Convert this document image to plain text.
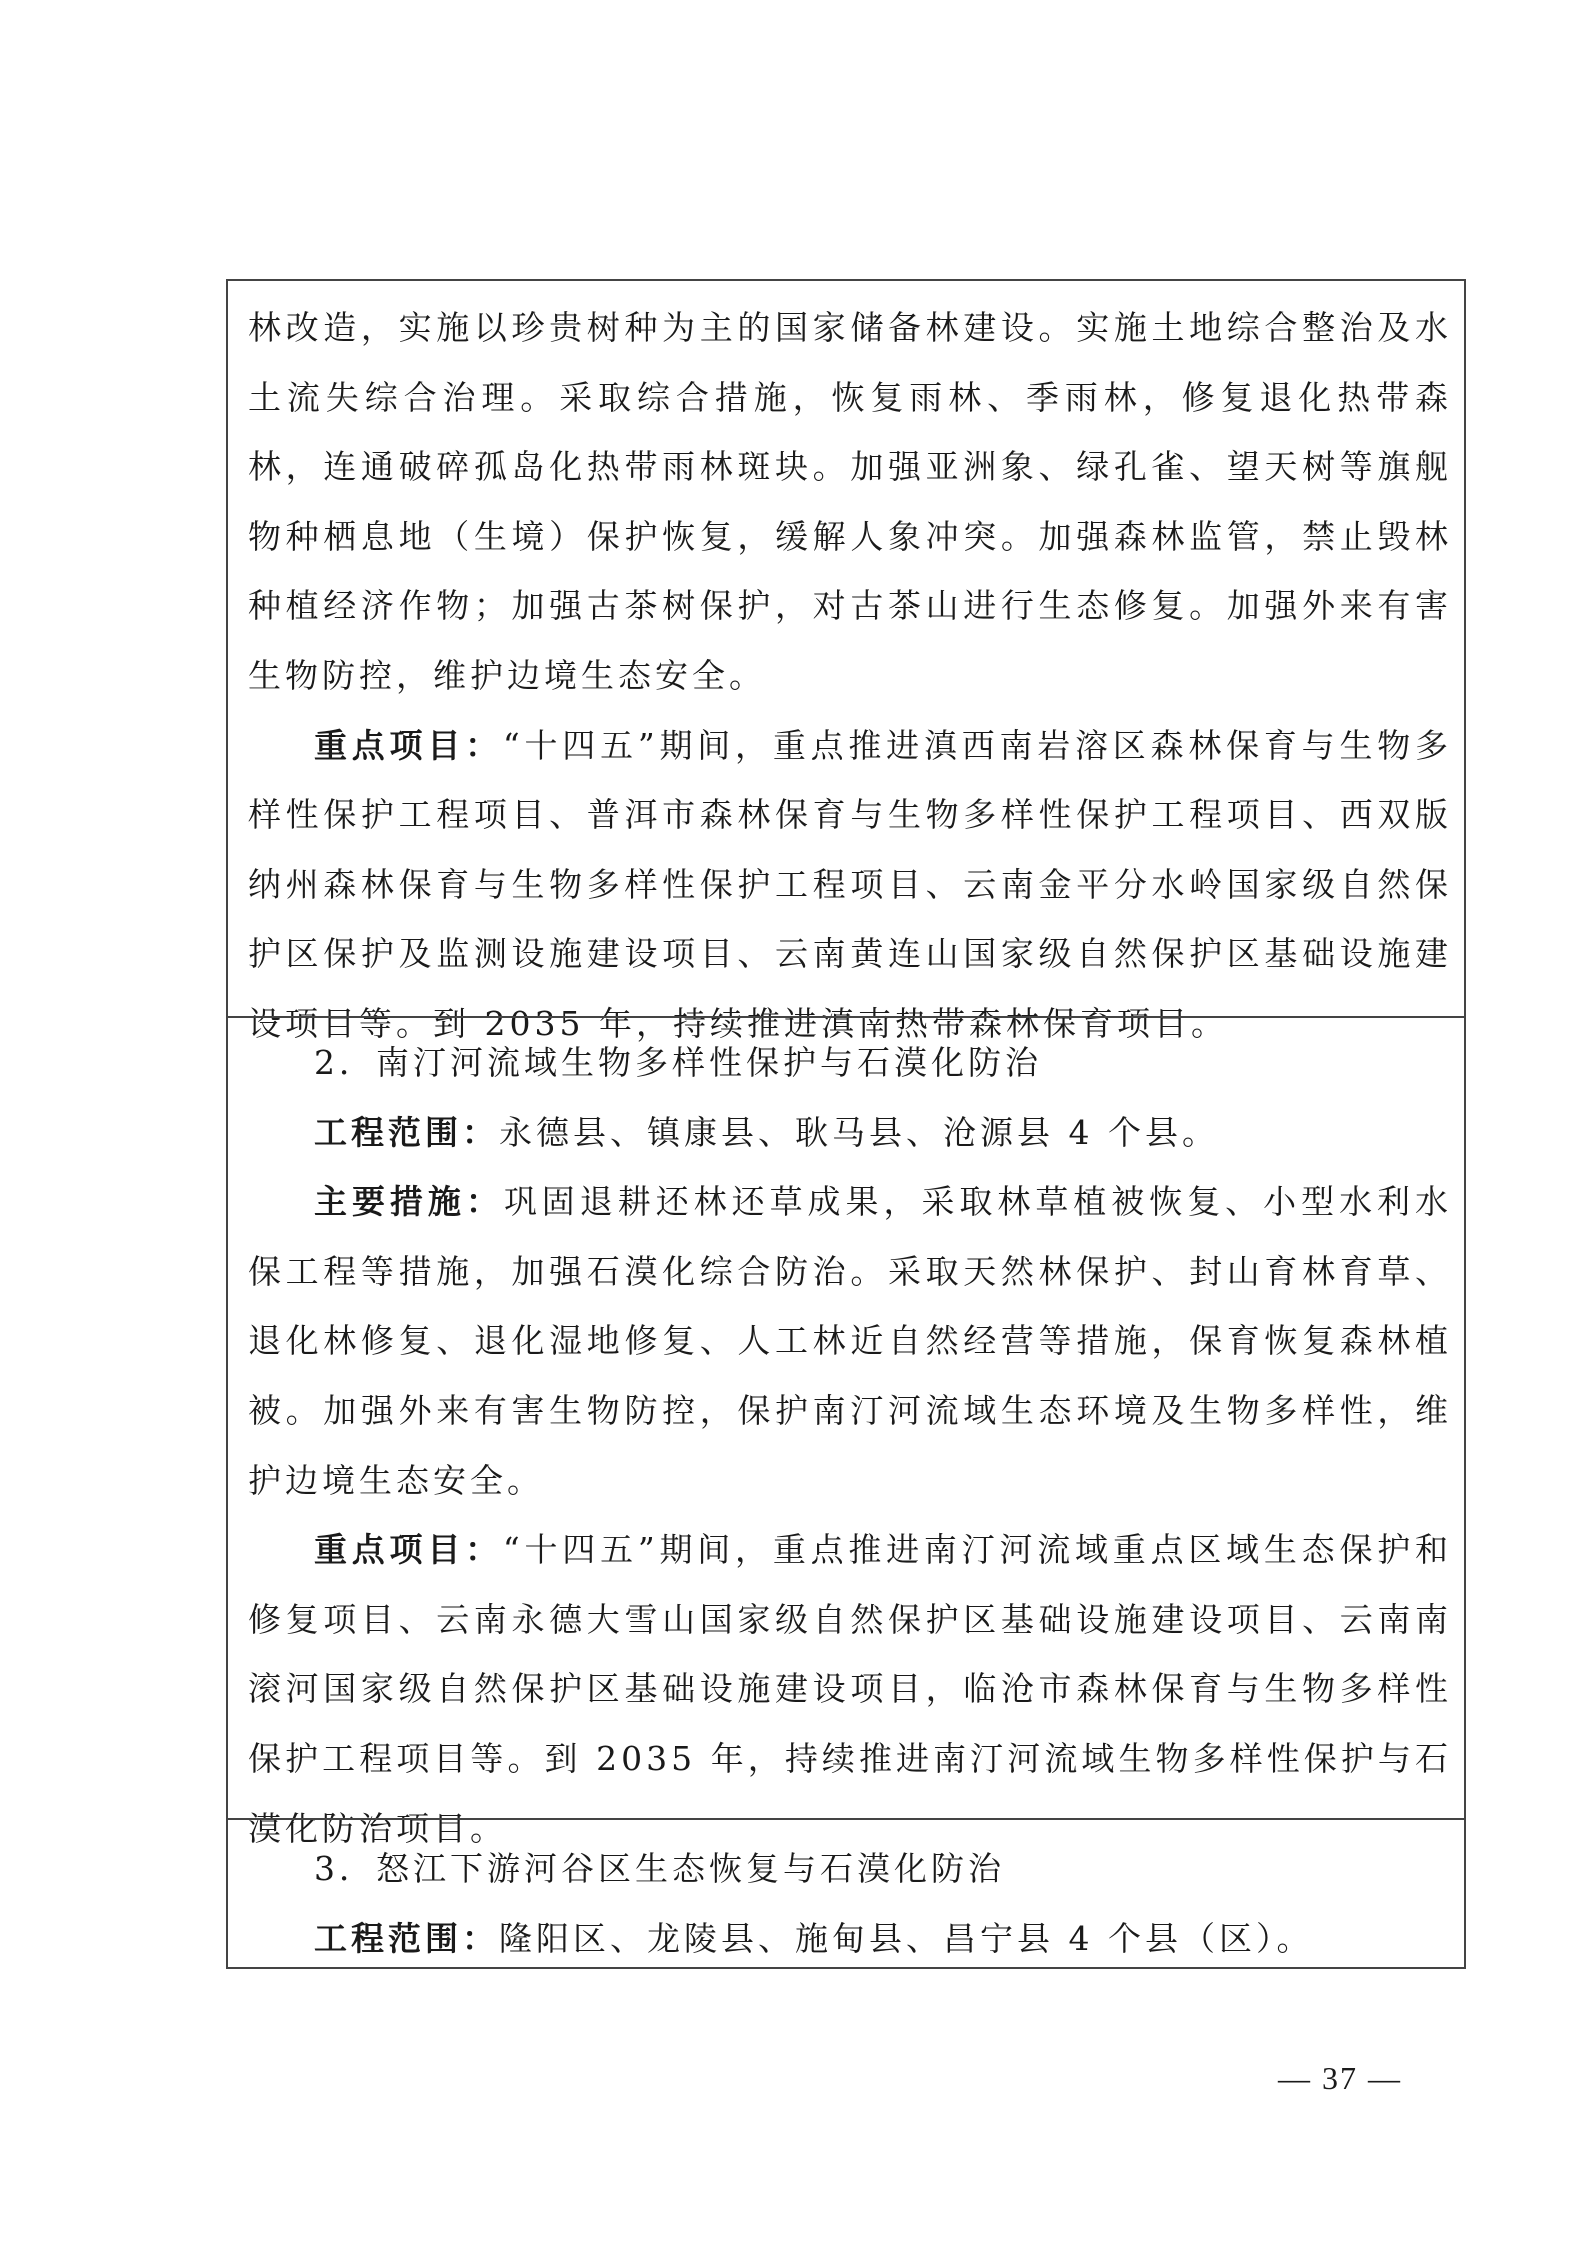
林改造，实施以珍贵树种为主的国家储备林建设。实施土地综合整治及水土流失综合治理。采取综合措施，恢复雨林、季雨林，修复退化热带森林，连通破碎孤岛化热带雨林斑块。加强亚洲象、绿孔雀、望天树等旗舰物种栖息地（生境）保护恢复，缓解人象冲突。加强森林监管，禁止毁林种植经济作物；加强古茶树保护，对古茶山进行生态修复。加强外来有害生物防控，维护边境生态安全。

重点项目：“十四五”期间，重点推进滇西南岩溶区森林保育与生物多样性保护工程项目、普洱市森林保育与生物多样性保护工程项目、西双版纳州森林保育与生物多样性保护工程项目、云南金平分水岭国家级自然保护区保护及监测设施建设项目、云南黄连山国家级自然保护区基础设施建设项目等。到 2035 年，持续推进滇南热带森林保育项目。

2．南汀河流域生物多样性保护与石漠化防治

工程范围：永德县、镇康县、耿马县、沧源县 4 个县。

主要措施：巩固退耕还林还草成果，采取林草植被恢复、小型水利水保工程等措施，加强石漠化综合防治。采取天然林保护、封山育林育草、退化林修复、退化湿地修复、人工林近自然经营等措施，保育恢复森林植被。加强外来有害生物防控，保护南汀河流域生态环境及生物多样性，维护边境生态安全。

重点项目：“十四五”期间，重点推进南汀河流域重点区域生态保护和修复项目、云南永德大雪山国家级自然保护区基础设施建设项目、云南南滚河国家级自然保护区基础设施建设项目，临沧市森林保育与生物多样性保护工程项目等。到 2035 年，持续推进南汀河流域生物多样性保护与石漠化防治项目。

3．怒江下游河谷区生态恢复与石漠化防治

工程范围：隆阳区、龙陵县、施甸县、昌宁县 4 个县（区）。

— 37 —
